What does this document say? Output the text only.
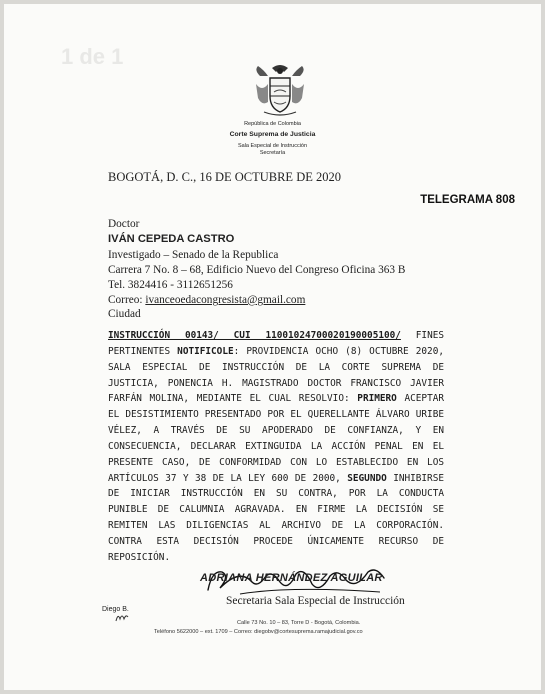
1 de 1
República de Colombia
Corte Suprema de Justicia
Sala Especial de Instrucción
Secretaría
BOGOTÁ, D. C., 16 DE OCTUBRE DE 2020
TELEGRAMA 808
Doctor
IVÁN CEPEDA CASTRO
Investigado – Senado de la Republica
Carrera 7 No. 8 – 68, Edificio Nuevo del Congreso Oficina 363 B
Tel. 3824416 - 3112651256
Correo: ivanceoedacongresista@gmail.com
Ciudad
INSTRUCCIÓN 00143/ CUI 11001024700020190005100/ FINES PERTINENTES NOTIFICOLE: PROVIDENCIA OCHO (8) OCTUBRE 2020, SALA ESPECIAL DE INSTRUCCIÓN DE LA CORTE SUPREMA DE JUSTICIA, PONENCIA H. MAGISTRADO DOCTOR FRANCISCO JAVIER FARFÁN MOLINA, MEDIANTE EL CUAL RESOLVIO: PRIMERO ACEPTAR EL DESISTIMIENTO PRESENTADO POR EL QUERELLANTE ÁLVARO URIBE VÉLEZ, A TRAVÉS DE SU APODERADO DE CONFIANZA, Y EN CONSECUENCIA, DECLARAR EXTINGUIDA LA ACCIÓN PENAL EN EL PRESENTE CASO, DE CONFORMIDAD CON LO ESTABLECIDO EN LOS ARTÍCULOS 37 Y 38 DE LA LEY 600 DE 2000, SEGUNDO INHIBIRSE DE INICIAR INSTRUCCIÓN EN SU CONTRA, POR LA CONDUCTA PUNIBLE DE CALUMNIA AGRAVADA. EN FIRME LA DECISIÓN SE REMITEN LAS DILIGENCIAS AL ARCHIVO DE LA CORPORACIÓN. CONTRA ESTA DECISIÓN PROCEDE ÚNICAMENTE RECURSO DE REPOSICIÓN.
ADRIANA HERNÁNDEZ AGUILAR
Secretaria Sala Especial de Instrucción
Diego B.
Calle 73 No. 10 – 83, Torre D - Bogotá, Colombia.
Teléfono 5622000 – ext. 1709 – Correo: diegobv@cortesuprema.ramajudicial.gov.co
